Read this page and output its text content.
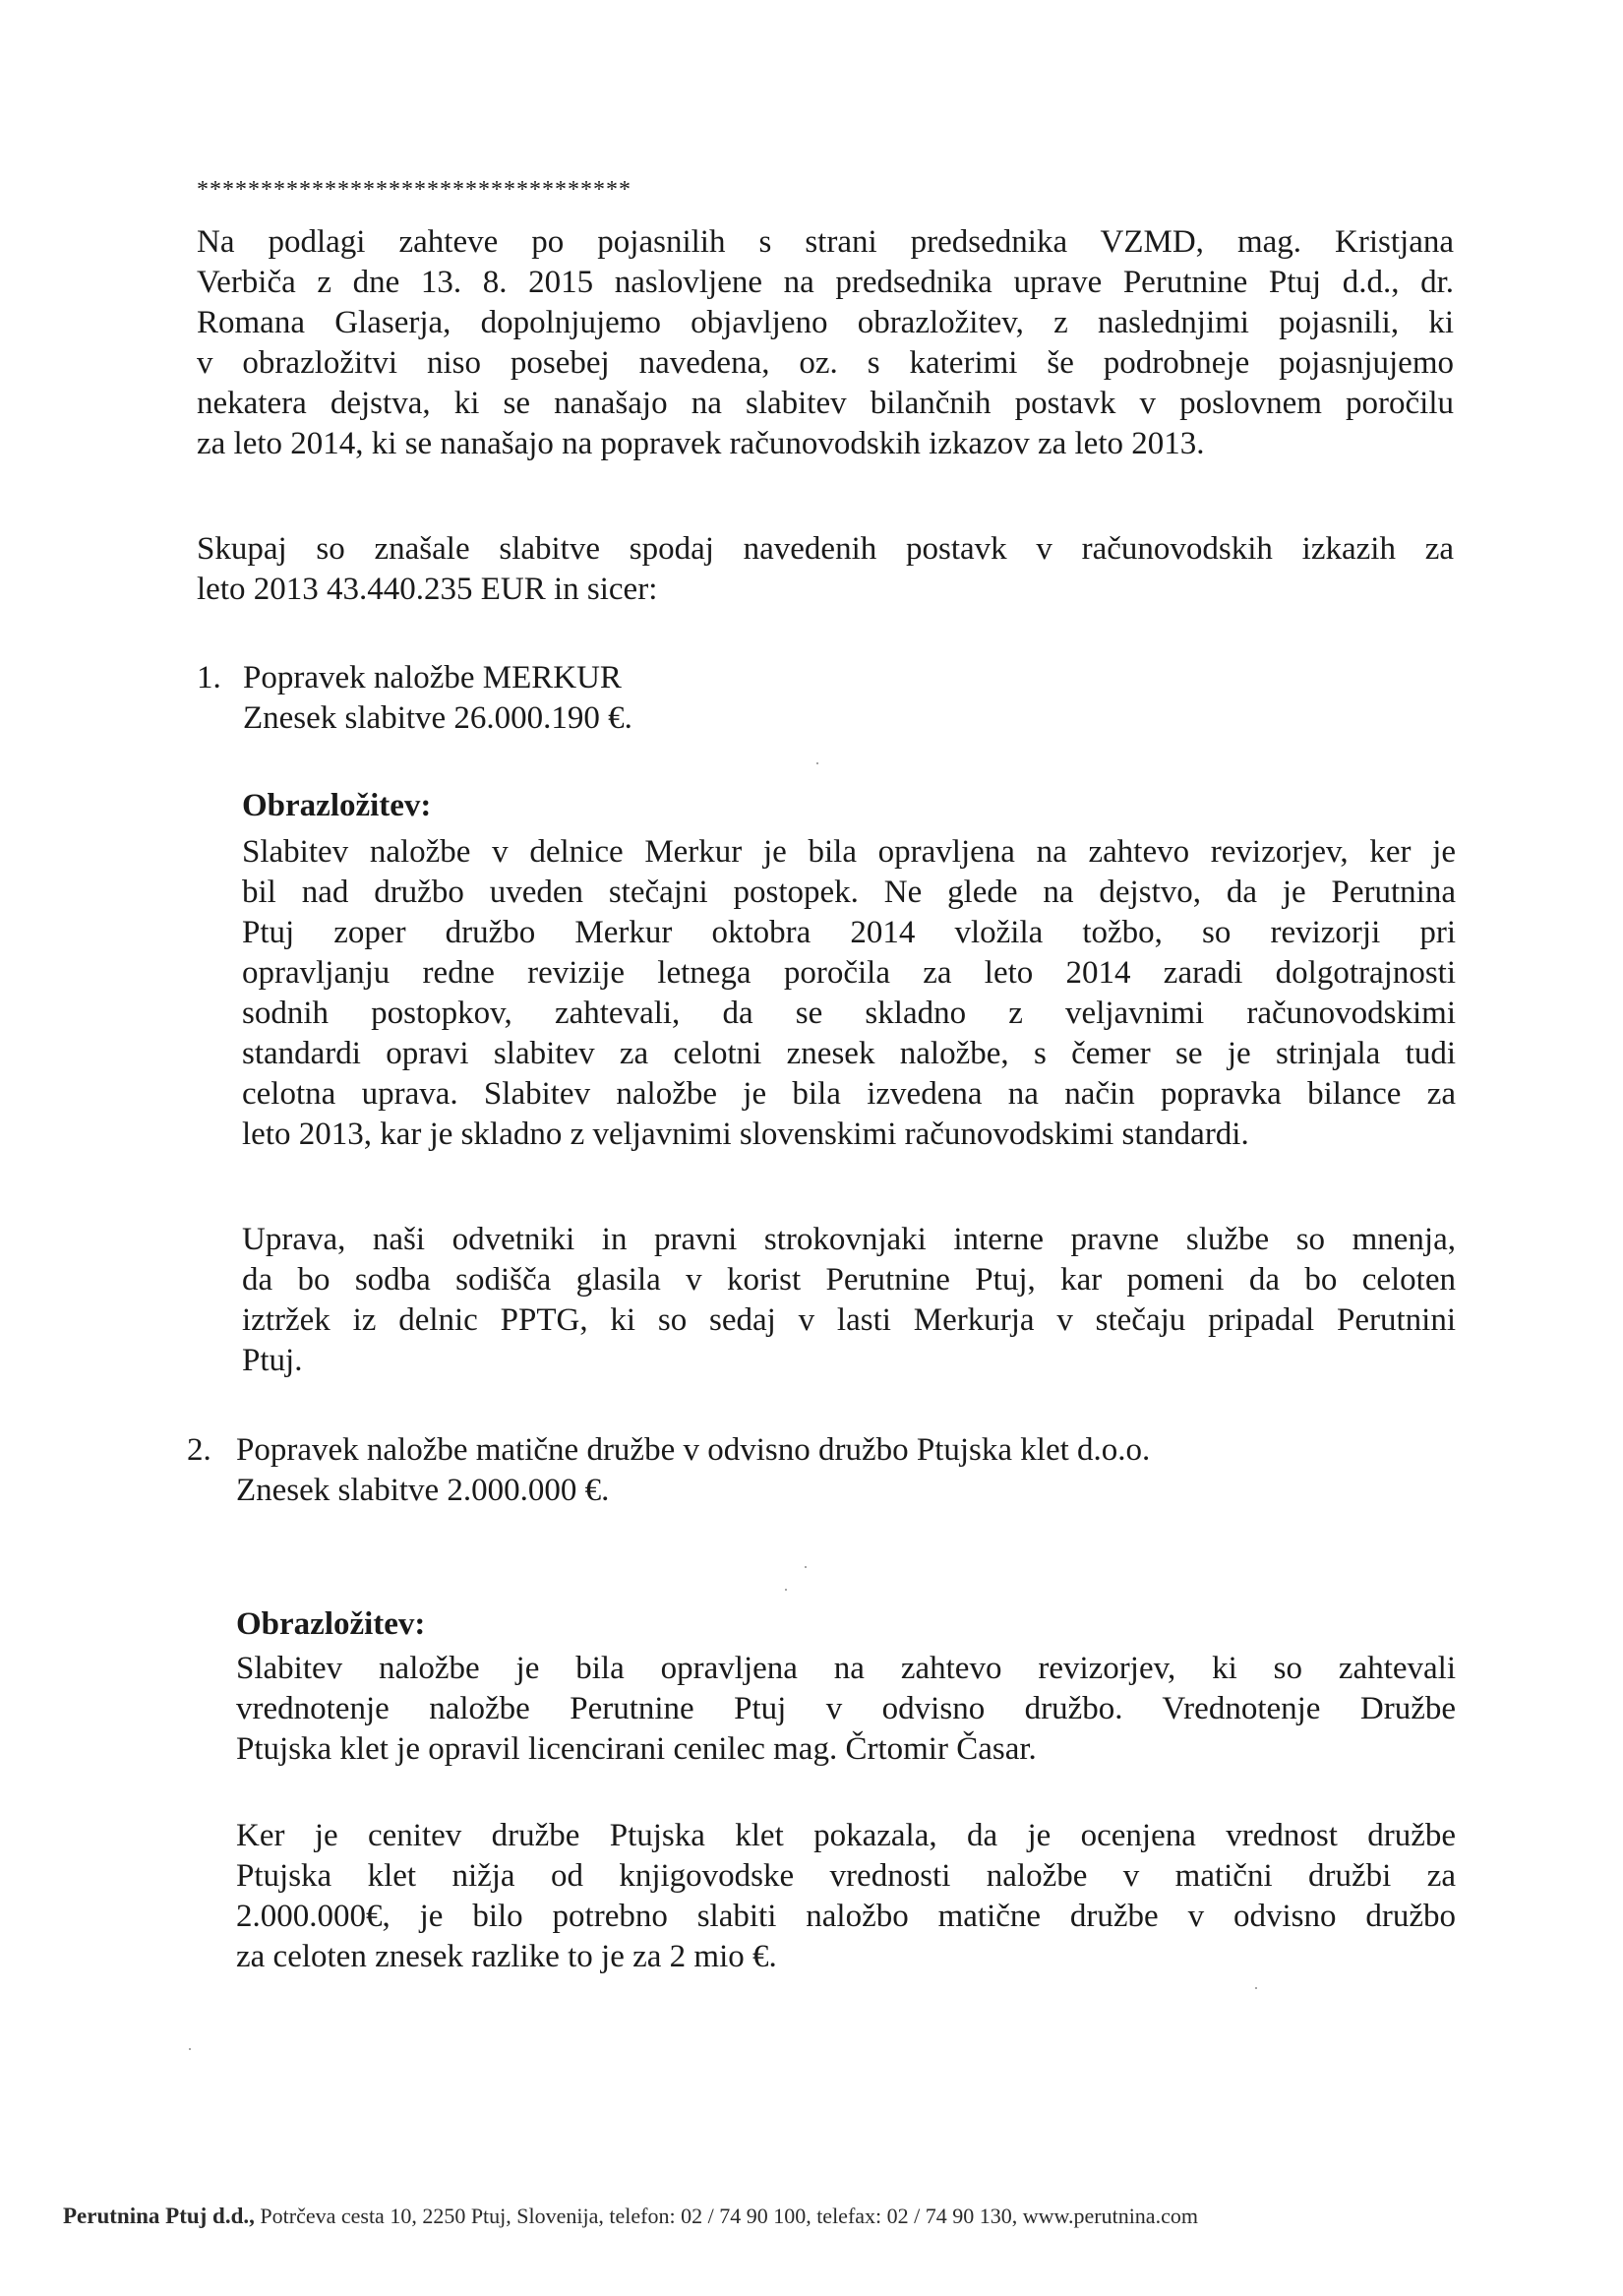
**********************************
Na podlagi zahteve po pojasnilih s strani predsednika VZMD, mag. Kristjana
Verbiča z dne 13. 8. 2015 naslovljene na predsednika uprave Perutnine Ptuj d.d., dr.
Romana Glaserja, dopolnjujemo objavljeno obrazložitev, z naslednjimi pojasnili, ki
v obrazložitvi niso posebej navedena, oz. s katerimi še podrobneje pojasnjujemo
nekatera dejstva, ki se nanašajo na slabitev bilančnih postavk v poslovnem poročilu
za leto 2014, ki se nanašajo na popravek računovodskih izkazov za leto 2013.
Skupaj so znašale slabitve spodaj navedenih postavk v računovodskih izkazih za
leto 2013 43.440.235 EUR in sicer:
1. Popravek naložbe MERKUR
Znesek slabitve 26.000.190 €.
Obrazložitev:
Slabitev naložbe v delnice Merkur je bila opravljena na zahtevo revizorjev, ker je
bil nad družbo uveden stečajni postopek. Ne glede na dejstvo, da je Perutnina
Ptuj zoper družbo Merkur oktobra 2014 vložila tožbo, so revizorji pri
opravljanju redne revizije letnega poročila za leto 2014 zaradi dolgotrajnosti
sodnih postopkov, zahtevali, da se skladno z veljavnimi računovodskimi
standardi opravi slabitev za celotni znesek naložbe, s čemer se je strinjala tudi
celotna uprava. Slabitev naložbe je bila izvedena na način popravka bilance za
leto 2013, kar je skladno z veljavnimi slovenskimi računovodskimi standardi.
Uprava, naši odvetniki in pravni strokovnjaki interne pravne službe so mnenja,
da bo sodba sodišča glasila v korist Perutnine Ptuj, kar pomeni da bo celoten
iztržek iz delnic PPTG, ki so sedaj v lasti Merkurja v stečaju pripadal Perutnini
Ptuj.
2. Popravek naložbe matične družbe v odvisno družbo Ptujska klet d.o.o.
Znesek slabitve 2.000.000 €.
Obrazložitev:
Slabitev naložbe je bila opravljena na zahtevo revizorjev, ki so zahtevali
vrednotenje naložbe Perutnine Ptuj v odvisno družbo. Vrednotenje Družbe
Ptujska klet je opravil licencirani cenilec mag. Črtomir Časar.
Ker je cenitev družbe Ptujska klet pokazala, da je ocenjena vrednost družbe
Ptujska klet nižja od knjigovodske vrednosti naložbe v matični družbi za
2.000.000€, je bilo potrebno slabiti naložbo matične družbe v odvisno družbo
za celoten znesek razlike to je za 2 mio €.
Perutnina Ptuj d.d., Potrčeva cesta 10, 2250 Ptuj, Slovenija, telefon: 02 / 74 90 100, telefax: 02 / 74 90 130, www.perutnina.com
